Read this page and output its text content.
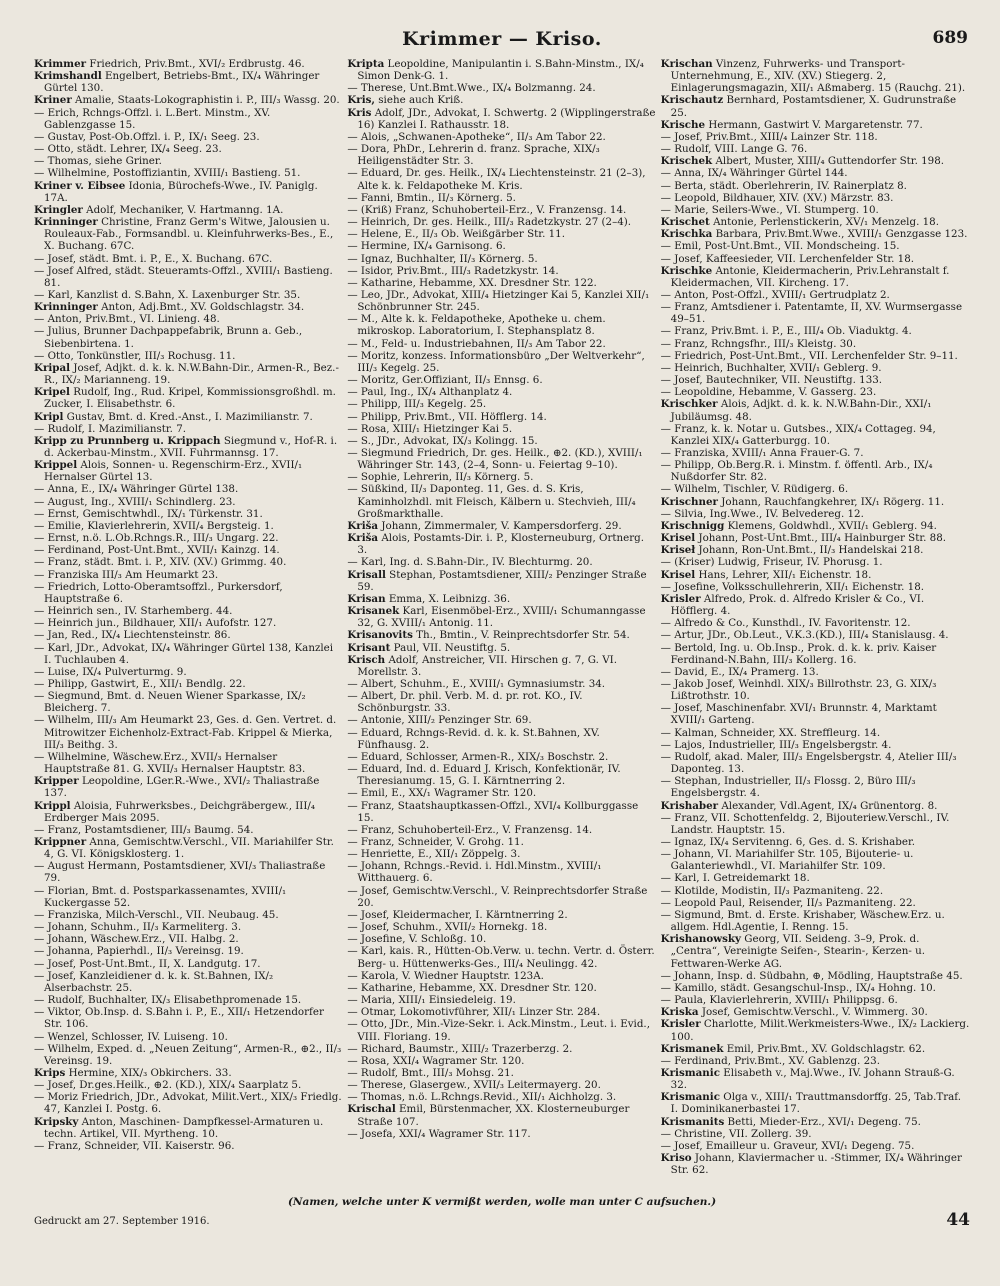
Krimmer — Kriso.	689

Krimmer Friedrich, Priv.Bmt., XVI/₂ Erdbrustg. 46.

Krimshandl Engelbert, Betriebs-Bmt., IX/₄ Währinger Gürtel 130.

Kriner Amalie, Staats-Lokographistin i. P., III/₃ Wassg. 20.

— Erich, Rchngs-Offzl. i. L.Bert. Minstm., XV. Gablenzgasse 15.

— Gustav, Post-Ob.Offzl. i. P., IX/₁ Seeg. 23.

— Otto, städt. Lehrer, IX/₄ Seeg. 23.

— Thomas, siehe Griner.

— Wilhelmine, Postoffiziantin, XVIII/₁ Bastieng. 51.

Kriner v. Eibsee Idonia, Bürochefs-Wwe., IV. Paniglg. 17A.

Kringler Adolf, Mechaniker, V. Hartmanng. 1A.

Krinninger Christine, Franz Germ's Witwe, Jalousien u. Rouleaux-Fab., Formsandbl. u. Kleinfuhrwerks-Bes., E., X. Buchang. 67C.

— Josef, städt. Bmt. i. P., E., X. Buchang. 67C.

— Josef Alfred, städt. Steueramts-Offzl., XVIII/₁ Bastieng. 81.

— Karl, Kanzlist d. S.Bahn, X. Laxenburger Str. 35.

Krinninger Anton, Adj.Bmt., XV. Goldschlagstr. 34.

— Anton, Priv.Bmt., VI. Linieng. 48.

— Julius, Brunner Dachpappefabrik, Brunn a. Geb., Siebenbirtena. 1.

— Otto, Tonkünstler, III/₃ Rochusg. 11.

Kripal Josef, Adjkt. d. k. k. N.W.Bahn-Dir., Armen-R., Bez.-R., IX/₂ Marianneng. 19.

Kripel Rudolf, Ing., Rud. Kripel, Kommissionsgroßhdl. m. Zucker, I. Elisabethstr. 6.

Kripl Gustav, Bmt. d. Kred.-Anst., I. Mazimilianstr. 7.

— Rudolf, I. Mazimilianstr. 7.

Kripp zu Prunnberg u. Krippach Siegmund v., Hof-R. i. d. Ackerbau-Minstm., XVII. Fuhrmannsg. 17.

Krippel Alois, Sonnen- u. Regenschirm-Erz., XVII/₁ Hernalser Gürtel 13.

— Anna, E., IX/₄ Währinger Gürtel 138.

— August, Ing., XVIII/₁ Schindlerg. 23.

— Ernst, Gemischtwhdl., IX/₁ Türkenstr. 31.

— Emilie, Klavierlehrerin, XVII/₄ Bergsteig. 1.

— Ernst, n.ö. L.Ob.Rchngs.R., III/₃ Ungarg. 22.

— Ferdinand, Post-Unt.Bmt., XVII/₁ Kainzg. 14.

— Franz, städt. Bmt. i. P., XIV. (XV.) Grimmg. 40.

— Franziska III/₃ Am Heumarkt 23.

— Friedrich, Lotto-Oberamtsoffzl., Purkersdorf, Hauptstraße 6.

— Heinrich sen., IV. Starhemberg. 44.

— Heinrich jun., Bildhauer, XII/₁ Aufofstr. 127.

— Jan, Red., IX/₄ Liechtensteinstr. 86.

— Karl, JDr., Advokat, IX/₄ Währinger Gürtel 138, Kanzlei I. Tuchlauben 4.

— Luise, IX/₄ Pulverturmg. 9.

— Philipp, Gastwirt, E., XII/₁ Bendlg. 22.

— Siegmund, Bmt. d. Neuen Wiener Sparkasse, IX/₂ Bleicherg. 7.

— Wilhelm, III/₃ Am Heumarkt 23, Ges. d. Gen. Vertret. d. Mitrowitzer Eichenholz-Extract-Fab. Krippel & Mierka, III/₃ Beithg. 3.

— Wilhelmine, Wäschew.Erz., XVII/₃ Hernalser Hauptstraße 81. G. XVII/₃ Hernalser Hauptstr. 83.

Kripper Leopoldine, LGer.R.-Wwe., XVI/₂ Thaliastraße 137.

Krippl Aloisia, Fuhrwerksbes., Deichgräbergew., III/₄ Erdberger Mais 2095.

— Franz, Postamtsdiener, III/₃ Baumg. 54.

Krippner Anna, Gemischtw.Verschl., VII. Mariahilfer Str. 4, G. VI. Königsklosterg. 1.

— August Hermann, Postamtsdiener, XVI/₃ Thaliastraße 79.

— Florian, Bmt. d. Postsparkassenamtes, XVIII/₁ Kuckergasse 52.

— Franziska, Milch-Verschl., VII. Neubaug. 45.

— Johann, Schuhm., II/₃ Karmeliterg. 3.

— Johann, Wäschew.Erz., VII. Halbg. 2.

— Johanna, Papierhdl., II/₃ Vereinsg. 19.

— Josef, Post-Unt.Bmt., II, X. Landgutg. 17.

— Josef, Kanzleidiener d. k. k. St.Bahnen, IX/₂ Alserbachstr. 25.

— Rudolf, Buchhalter, IX/₃ Elisabethpromenade 15.

— Viktor, Ob.Insp. d. S.Bahn i. P., E., XII/₁ Hetzendorfer Str. 106.

— Wenzel, Schlosser, IV. Luiseng. 10.

— Wilhelm, Exped. d. „Neuen Zeitung“, Armen-R., ⊕2., II/₃ Vereinsg. 19.

Krips Hermine, XIX/₃ Obkirchers. 33.

— Josef, Dr.ges.Heilk., ⊕2. (KD.), XIX/₄ Saarplatz 5.

— Moriz Friedrich, JDr., Advokat, Milit.Vert., XIX/₃ Friedlg. 47, Kanzlei I. Postg. 6.

Kripsky Anton, Maschinen- Dampfkessel-Armaturen u. techn. Artikel, VII. Myrtheng. 10.

— Franz, Schneider, VII. Kaiserstr. 96.

Kripta Leopoldine, Manipulantin i. S.Bahn-Minstm., IX/₄ Simon Denk-G. 1.

— Therese, Unt.Bmt.Wwe., IX/₄ Bolzmanng. 24.

Kris, siehe auch Kriß.

Kris Adolf, JDr., Advokat, I. Schwertg. 2 (Wipplingerstraße 16) Kanzlei I. Rathausstr. 18.

— Alois, „Schwanen-Apotheke“, II/₃ Am Tabor 22.

— Dora, PhDr., Lehrerin d. franz. Sprache, XIX/₃ Heiligenstädter Str. 3.

— Eduard, Dr. ges. Heilk., IX/₄ Liechtensteinstr. 21 (2–3), Alte k. k. Feldapotheke M. Kris.

— Fanni, Bmtin., II/₃ Körnerg. 5.

— (Kriß) Franz, Schuhoberteil-Erz., V. Franzensg. 14.

— Heinrich, Dr. ges. Heilk., III/₃ Radetzkystr. 27 (2–4).

— Helene, E., II/₃ Ob. Weißgärber Str. 11.

— Hermine, IX/₄ Garnisong. 6.

— Ignaz, Buchhalter, II/₃ Körnerg. 5.

— Isidor, Priv.Bmt., III/₃ Radetzkystr. 14.

— Katharine, Hebamme, XX. Dresdner Str. 122.

— Leo, JDr., Advokat, XIII/₄ Hietzinger Kai 5, Kanzlei XII/₁ Schönbrunner Str. 245.

— M., Alte k. k. Feldapotheke, Apotheke u. chem. mikroskop. Laboratorium, I. Stephansplatz 8.

— M., Feld- u. Industriebahnen, II/₃ Am Tabor 22.

— Moritz, konzess. Informationsbüro „Der Weltverkehr“, III/₃ Kegelg. 25.

— Moritz, Ger.Offiziant, II/₃ Ennsg. 6.

— Paul, Ing., IX/₄ Althanplatz 4.

— Philipp, III/₃ Kegelg. 25.

— Philipp, Priv.Bmt., VII. Höfflerg. 14.

— Rosa, XIII/₁ Hietzinger Kai 5.

— S., JDr., Advokat, IX/₃ Kolingg. 15.

— Siegmund Friedrich, Dr. ges. Heilk., ⊕2. (KD.), XVIII/₁ Währinger Str. 143, (2–4, Sonn- u. Feiertag 9–10).

— Sophie, Lehrerin, II/₃ Körnerg. 5.

— Süßkind, II/₃ Daponteg. 11, Ges. d. S. Kris, Kaminholzhdl. mit Fleisch, Kälbern u. Stechvieh, III/₄ Großmarkthalle.

Kriša Johann, Zimmermaler, V. Kampersdorferg. 29.

Kriša Alois, Postamts-Dir. i. P., Klosterneuburg, Ortnerg. 3.

— Karl, Ing. d. S.Bahn-Dir., IV. Blechturmg. 20.

Krisall Stephan, Postamtsdiener, XIII/₂ Penzinger Straße 59.

Krisan Emma, X. Leibnizg. 36.

Krisanek Karl, Eisenmöbel-Erz., XVIII/₁ Schumanngasse 32, G. XVIII/₁ Antonig. 11.

Krisanovits Th., Bmtin., V. Reinprechtsdorfer Str. 54.

Krisant Paul, VII. Neustiftg. 5.

Krisch Adolf, Anstreicher, VII. Hirschen g. 7, G. VI. Morellstr. 3.

— Albert, Schuhm., E., XVIII/₁ Gymnasiumstr. 34.

— Albert, Dr. phil. Verb. M. d. pr. rot. KO., IV. Schönburgstr. 33.

— Antonie, XIII/₂ Penzinger Str. 69.

— Eduard, Rchngs-Revid. d. k. k. St.Bahnen, XV. Fünfhausg. 2.

— Eduard, Schlosser, Armen-R., XIX/₃ Boschstr. 2.

— Eduard, Ind. d. Eduard J. Krisch, Konfektionär, IV. Theresianumg. 15, G. I. Kärntnerring 2.

— Emil, E., XX/₁ Wagramer Str. 120.

— Franz, Staatshauptkassen-Offzl., XVI/₄ Kollburggasse 15.

— Franz, Schuhoberteil-Erz., V. Franzensg. 14.

— Franz, Schneider, V. Grohg. 11.

— Henriette, E., XII/₁ Zöppelg. 3.

— Johann, Rchngs.-Revid. i. Hdl.Minstm., XVIII/₁ Witthauerg. 6.

— Josef, Gemischtw.Verschl., V. Reinprechtsdorfer Straße 20.

— Josef, Kleidermacher, I. Kärntnerring 2.

— Josef, Schuhm., XVII/₂ Hornekg. 18.

— Josefine, V. Schloßg. 10.

— Karl, kais. R., Hütten-Ob.Verw. u. techn. Vertr. d. Österr. Berg- u. Hüttenwerks-Ges., III/₄ Neulingg. 42.

— Karola, V. Wiedner Hauptstr. 123A.

— Katharine, Hebamme, XX. Dresdner Str. 120.

— Maria, XIII/₁ Einsiedeleig. 19.

— Otmar, Lokomotivführer, XII/₁ Linzer Str. 284.

— Otto, JDr., Min.-Vize-Sekr. i. Ack.Minstm., Leut. i. Evid., VIII. Floriang. 19.

— Richard, Baumstr., XIII/₂ Trazerberzg. 2.

— Rosa, XXI/₄ Wagramer Str. 120.

— Rudolf, Bmt., III/₃ Mohsg. 21.

— Therese, Glasergew., XVII/₃ Leitermayerg. 20.

— Thomas, n.ö. L.Rchngs.Revid., XII/₁ Aichholzg. 3.

Krischal Emil, Bürstenmacher, XX. Klosterneuburger Straße 107.

— Josefa, XXI/₄ Wagramer Str. 117.

Krischan Vinzenz, Fuhrwerks- und Transport-Unternehmung, E., XIV. (XV.) Stiegerg. 2, Einlagerungsmagazin, XII/₁ Aßmaberg. 15 (Rauchg. 21).

Krischautz Bernhard, Postamtsdiener, X. Gudrunstraße 25.

Krische Hermann, Gastwirt V. Margaretenstr. 77.

— Josef, Priv.Bmt., XIII/₄ Lainzer Str. 118.

— Rudolf, VIII. Lange G. 76.

Krischek Albert, Muster, XIII/₄ Guttendorfer Str. 198.

— Anna, IX/₄ Währinger Gürtel 144.

— Berta, städt. Oberlehrerin, IV. Rainerplatz 8.

— Leopold, Bildhauer, XIV. (XV.) Märzstr. 83.

— Marie, Seilers-Wwe., VI. Stumperg. 10.

Krischet Antonie, Perlenstickerin, XV/₁ Menzelg. 18.

Krischka Barbara, Priv.Bmt.Wwe., XVIII/₁ Genzgasse 123.

— Emil, Post-Unt.Bmt., VII. Mondscheing. 15.

— Josef, Kaffeesieder, VII. Lerchenfelder Str. 18.

Krischke Antonie, Kleidermacherin, Priv.Lehranstalt f. Kleidermachen, VII. Kircheng. 17.

— Anton, Post-Offzl., XVIII/₁ Gertrudplatz 2.

— Franz, Amtsdiener i. Patentamte, II, XV. Wurmsergasse 49–51.

— Franz, Priv.Bmt. i. P., E., III/₄ Ob. Viaduktg. 4.

— Franz, Rchngsfhr., III/₃ Kleistg. 30.

— Friedrich, Post-Unt.Bmt., VII. Lerchenfelder Str. 9–11.

— Heinrich, Buchhalter, XVII/₁ Geblerg. 9.

— Josef, Bautechniker, VII. Neustiftg. 133.

— Leopoldine, Hebamme, V. Gasserg. 23.

Krischker Alois, Adjkt. d. k. k. N.W.Bahn-Dir., XXI/₁ Jubiläumsg. 48.

— Franz, k. k. Notar u. Gutsbes., XIX/₄ Cottageg. 94, Kanzlei XIX/₄ Gatterburgg. 10.

— Franziska, XVIII/₁ Anna Frauer-G. 7.

— Philipp, Ob.Berg.R. i. Minstm. f. öffentl. Arb., IX/₄ Nußdorfer Str. 82.

— Wilhelm, Tischler, V. Rüdigerg. 6.

Krischner Johann, Rauchfangkehrer, IX/₁ Rögerg. 11.

— Silvia, Ing.Wwe., IV. Belvedereg. 12.

Krischnigg Klemens, Goldwhdl., XVII/₁ Geblerg. 94.

Krisel Johann, Post-Unt.Bmt., III/₄ Hainburger Str. 88.

Kriseł Johann, Ron-Unt.Bmt., II/₃ Handelskai 218.

— (Kriser) Ludwig, Friseur, IV. Phorusg. 1.

Krisel Hans, Lehrer, XII/₁ Eichenstr. 18.

— Josefine, Volksschullehrerin, XII/₁ Eichenstr. 18.

Krisler Alfredo, Prok. d. Alfredo Krisler & Co., VI. Höfflerg. 4.

— Alfredo & Co., Kunsthdl., IV. Favoritenstr. 12.

— Artur, JDr., Ob.Leut., V.K.3.(KD.), III/₄ Stanislausg. 4.

— Bertold, Ing. u. Ob.Insp., Prok. d. k. k. priv. Kaiser Ferdinand-N.Bahn, III/₃ Kollerg. 16.

— David, E., IX/₄ Pramerg. 13.

— Jakob Josef, Weinhdl. XIX/₃ Billrothstr. 23, G. XIX/₃ Lißtrothstr. 10.

— Josef, Maschinenfabr. XVI/₁ Brunnstr. 4, Marktamt XVIII/₁ Garteng.

— Kalman, Schneider, XX. Streffleurg. 14.

— Lajos, Industrieller, III/₃ Engelsbergstr. 4.

— Rudolf, akad. Maler, III/₃ Engelsbergstr. 4, Atelier III/₃ Daponteg. 13.

— Stephan, Industrieller, II/₃ Flossg. 2, Büro III/₃ Engelsbergstr. 4.

Krishaber Alexander, Vdl.Agent, IX/₄ Grünentorg. 8.

— Franz, VII. Schottenfeldg. 2, Bijouteriew.Verschl., IV. Landstr. Hauptstr. 15.

— Ignaz, IX/₄ Servitenng. 6, Ges. d. S. Krishaber.

— Johann, VI. Mariahilfer Str. 105, Bijouterie- u. Galanteriewhdl., VI. Mariahilfer Str. 109.

— Karl, I. Getreidemarkt 18.

— Klotilde, Modistin, II/₃ Pazmaniteng. 22.

— Leopold Paul, Reisender, II/₃ Pazmaniteng. 22.

— Sigmund, Bmt. d. Erste. Krishaber, Wäschew.Erz. u. allgem. Hdl.Agentie, I. Renng. 15.

Krishanowsky Georg, VII. Seideng. 3–9, Prok. d. „Centra“, Vereinigte Seifen-, Stearin-, Kerzen- u. Fettwaren-Werke AG.

— Johann, Insp. d. Südbahn, ⊕, Mödling, Hauptstraße 45.

— Kamillo, städt. Gesangschul-Insp., IX/₄ Hohng. 10.

— Paula, Klavierlehrerin, XVIII/₁ Philippsg. 6.

Kriska Josef, Gemischtw.Verschl., V. Wimmerg. 30.

Krisler Charlotte, Milit.Werkmeisters-Wwe., IX/₂ Lackierg. 100.

Krismanek Emil, Priv.Bmt., XV. Goldschlagstr. 62.

— Ferdinand, Priv.Bmt., XV. Gablenzg. 23.

Krismanic Elisabeth v., Maj.Wwe., IV. Johann Strauß-G. 32.

Krismanic Olga v., XIII/₁ Trauttmansdorffg. 25, Tab.Traf. I. Dominikanerbastei 17.

Krismanits Betti, Mieder-Erz., XVI/₁ Degeng. 75.

— Christine, VII. Zollerg. 39.

— Josef, Emailleur u. Graveur, XVI/₁ Degeng. 75.

Kriso Johann, Klaviermacher u. -Stimmer, IX/₄ Währinger Str. 62.

(Namen, welche unter K vermißt werden, wolle man unter C aufsuchen.)
Gedruckt am 27. September 1916.	44
